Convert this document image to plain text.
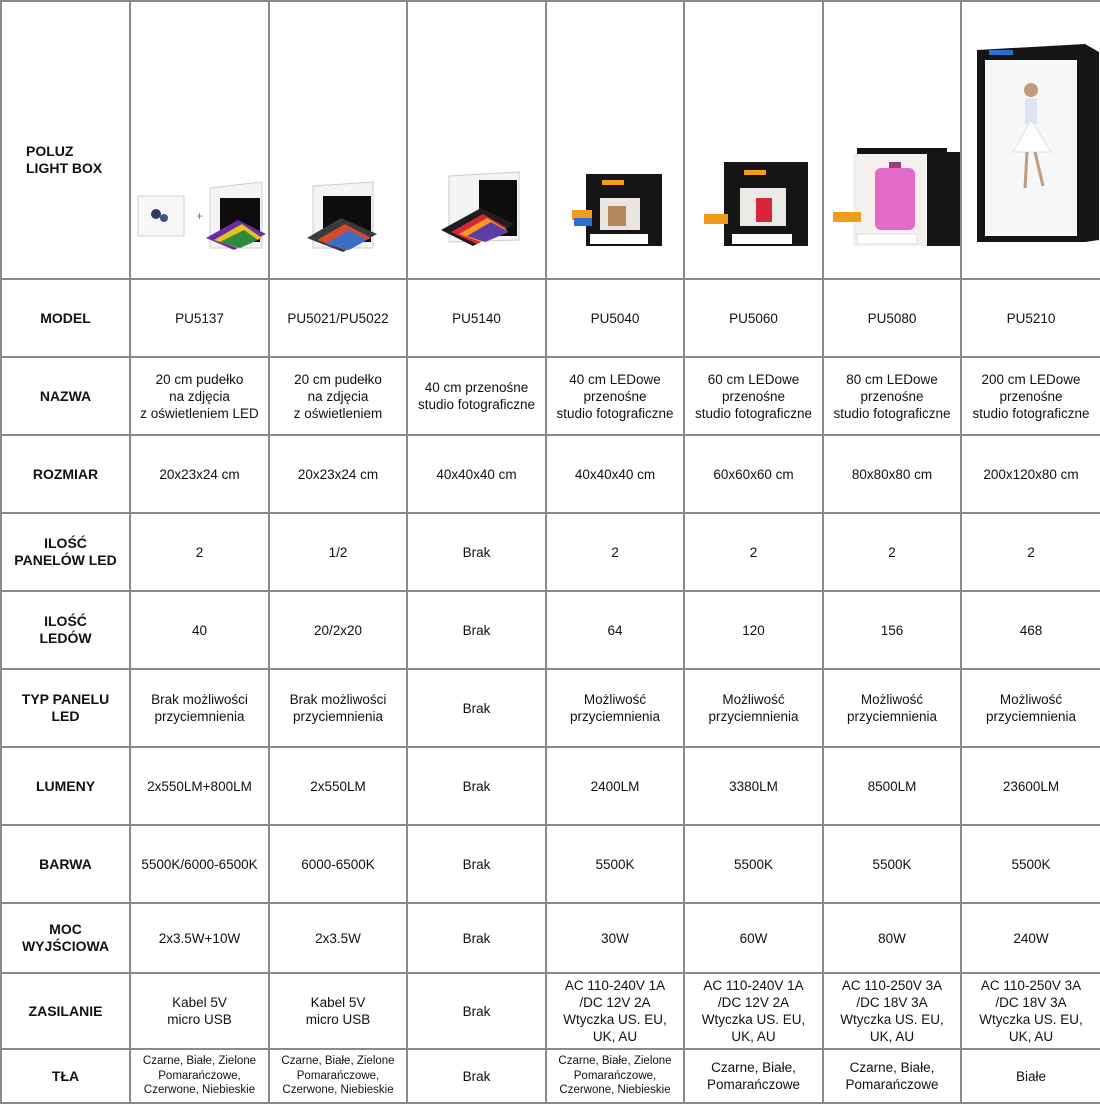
POLUZ
LIGHT BOX	+

MODEL	PU5137	PU5021/PU5022	PU5140	PU5040	PU5060	PU5080	PU5210
NAZWA	20 cm pudełko
na zdjęcia
z oświetleniem LED	20 cm pudełko
na zdjęcia
z oświetleniem	40 cm przenośne
studio fotograficzne	40 cm LEDowe
przenośne
studio fotograficzne	60 cm LEDowe
przenośne
studio fotograficzne	80 cm LEDowe
przenośne
studio fotograficzne	200 cm LEDowe
przenośne
studio fotograficzne
ROZMIAR	20x23x24 cm	20x23x24 cm	40x40x40 cm	40x40x40 cm	60x60x60 cm	80x80x80 cm	200x120x80 cm
ILOŚĆ
PANELÓW LED	2	1/2	Brak	2	2	2	2
ILOŚĆ
LEDÓW	40	20/2x20	Brak	64	120	156	468
TYP PANELU
LED	Brak możliwości
przyciemnienia	Brak możliwości
przyciemnienia	Brak	Możliwość
przyciemnienia	Możliwość
przyciemnienia	Możliwość
przyciemnienia	Możliwość
przyciemnienia
LUMENY	2x550LM+800LM	2x550LM	Brak	2400LM	3380LM	8500LM	23600LM
BARWA	5500K/6000-6500K	6000-6500K	Brak	5500K	5500K	5500K	5500K
MOC
WYJŚCIOWA	2x3.5W+10W	2x3.5W	Brak	30W	60W	80W	240W
ZASILANIE	Kabel 5V
micro USB	Kabel 5V
micro USB	Brak	AC 110-240V 1A
/DC 12V 2A
Wtyczka US. EU,
UK, AU	AC 110-240V 1A
/DC 12V 2A
Wtyczka US. EU,
UK, AU	AC 110-250V 3A
/DC 18V 3A
Wtyczka US. EU,
UK, AU	AC 110-250V 3A
/DC 18V 3A
Wtyczka US. EU,
UK, AU
TŁA	Czarne, Białe, Zielone
Pomarańczowe,
Czerwone, Niebieskie	Czarne, Białe, Zielone
Pomarańczowe,
Czerwone, Niebieskie	Brak	Czarne, Białe, Zielone
Pomarańczowe,
Czerwone, Niebieskie	Czarne, Białe,
Pomarańczowe	Czarne, Białe,
Pomarańczowe	Białe
